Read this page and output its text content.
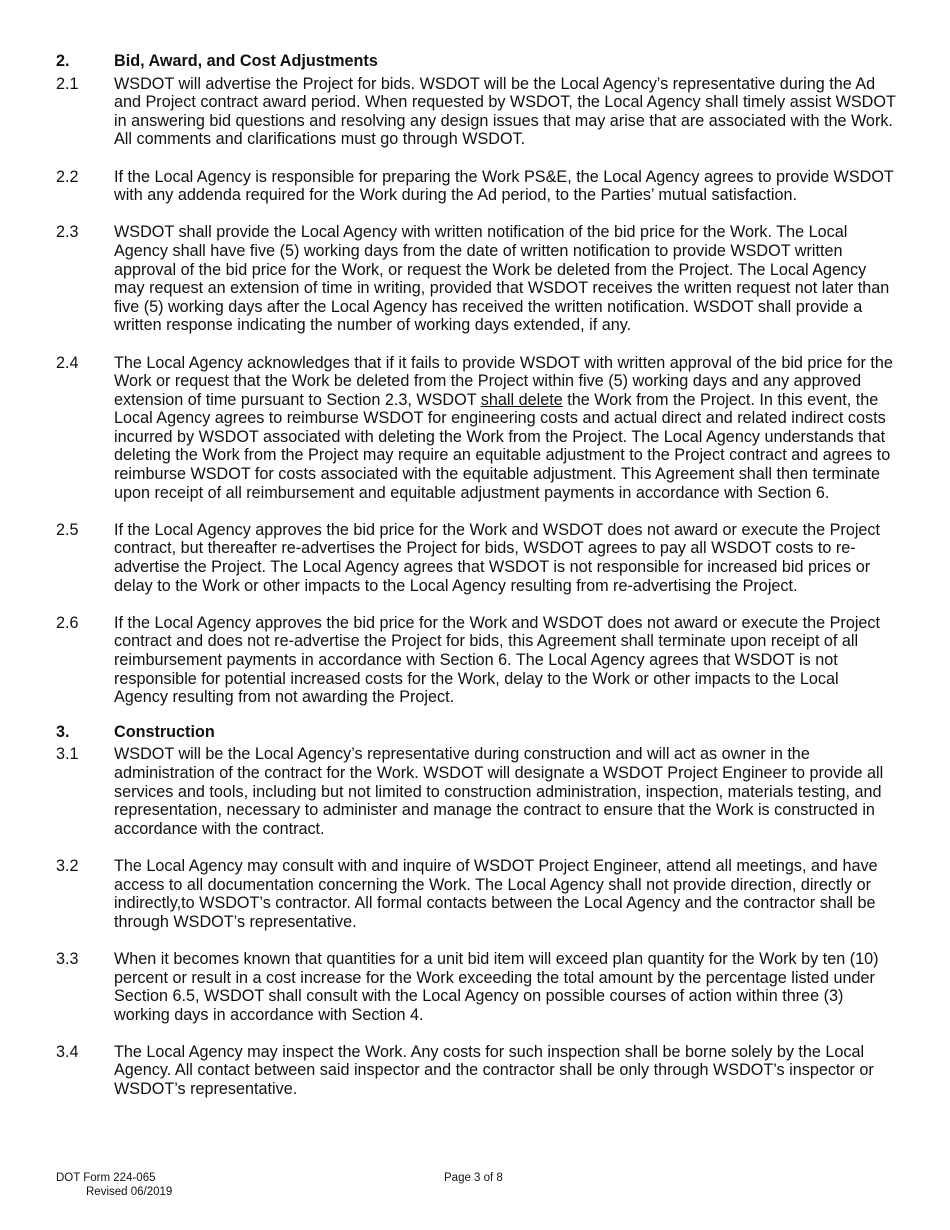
2.	Bid, Award, and Cost Adjustments
2.1	WSDOT will advertise the Project for bids. WSDOT will be the Local Agency’s representative during the Ad and Project contract award period. When requested by WSDOT, the Local Agency shall timely assist WSDOT in answering bid questions and resolving any design issues that may arise that are associated with the Work. All comments and clarifications must go through WSDOT.
2.2	If the Local Agency is responsible for preparing the Work PS&E, the Local Agency agrees to provide WSDOT with any addenda required for the Work during the Ad period, to the Parties’ mutual satisfaction.
2.3	WSDOT shall provide the Local Agency with written notification of the bid price for the Work. The Local Agency shall have five (5) working days from the date of written notification to provide WSDOT written approval of the bid price for the Work, or request the Work be deleted from the Project. The Local Agency may request an extension of time in writing, provided that WSDOT receives the written request not later than five (5) working days after the Local Agency has received the written notification. WSDOT shall provide a written response indicating the number of working days extended, if any.
2.4	The Local Agency acknowledges that if it fails to provide WSDOT with written approval of the bid price for the Work or request that the Work be deleted from the Project within five (5) working days and any approved extension of time pursuant to Section 2.3, WSDOT shall delete the Work from the Project. In this event, the Local Agency agrees to reimburse WSDOT for engineering costs and actual direct and related indirect costs incurred by WSDOT associated with deleting the Work from the Project. The Local Agency understands that deleting the Work from the Project may require an equitable adjustment to the Project contract and agrees to reimburse WSDOT for costs associated with the equitable adjustment. This Agreement shall then terminate upon receipt of all reimbursement and equitable adjustment payments in accordance with Section 6.
2.5	If the Local Agency approves the bid price for the Work and WSDOT does not award or execute the Project contract, but thereafter re-advertises the Project for bids, WSDOT agrees to pay all WSDOT costs to re-advertise the Project. The Local Agency agrees that WSDOT is not responsible for increased bid prices or delay to the Work or other impacts to the Local Agency resulting from re-advertising the Project.
2.6	If the Local Agency approves the bid price for the Work and WSDOT does not award or execute the Project contract and does not re-advertise the Project for bids, this Agreement shall terminate upon receipt of all reimbursement payments in accordance with Section 6. The Local Agency agrees that WSDOT is not responsible for potential increased costs for the Work, delay to the Work or other impacts to the Local Agency resulting from not awarding the Project.
3.	Construction
3.1	WSDOT will be the Local Agency’s representative during construction and will act as owner in the administration of the contract for the Work. WSDOT will designate a WSDOT Project Engineer to provide all services and tools, including but not limited to construction administration, inspection, materials testing, and representation, necessary to administer and manage the contract to ensure that the Work is constructed in accordance with the contract.
3.2	The Local Agency may consult with and inquire of WSDOT Project Engineer, attend all meetings, and have access to all documentation concerning the Work. The Local Agency shall not provide direction, directly or indirectly,to WSDOT’s contractor. All formal contacts between the Local Agency and the contractor shall be through WSDOT’s representative.
3.3	When it becomes known that quantities for a unit bid item will exceed plan quantity for the Work by ten (10) percent or result in a cost increase for the Work exceeding the total amount by the percentage listed under Section 6.5, WSDOT shall consult with the Local Agency on possible courses of action within three (3) working days in accordance with Section 4.
3.4	The Local Agency may inspect the Work. Any costs for such inspection shall be borne solely by the Local Agency. All contact between said inspector and the contractor shall be only through WSDOT’s inspector or WSDOT’s representative.
DOT Form 224-065
Revised 06/2019
Page 3 of 8
